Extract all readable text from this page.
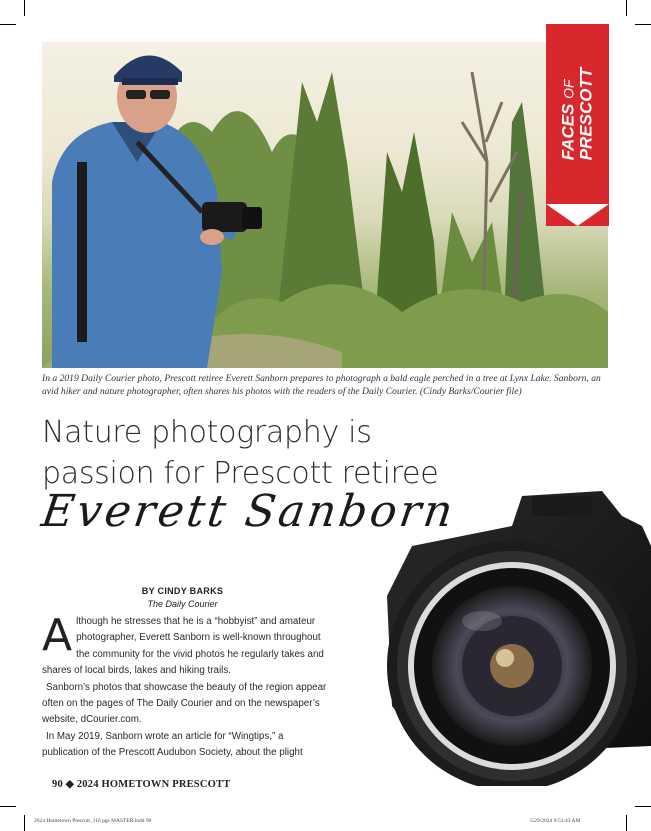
FACES OF PRESCOTT
In a 2019 Daily Courier photo, Prescott retiree Everett Sanborn prepares to photograph a bald eagle perched in a tree at Lynx Lake. Sanborn, an avid hiker and nature photographer, often shares his photos with the readers of the Daily Courier. (Cindy Barks/Courier file)
Nature photography is
passion for Prescott retiree
Everett Sanborn
BY CINDY BARKS
The Daily Courier

Although he stresses that he is a “hobbyist” and amateur photographer, Everett Sanborn is well-known throughout the community for the vivid photos he regularly takes and shares of local birds, lakes and hiking trails.

Sanborn’s photos that showcase the beauty of the region appear often on the pages of The Daily Courier and on the newspaper’s website, dCourier.com.

In May 2019, Sanborn wrote an article for “Wingtips,” a publication of the Prescott Audubon Society, about the plight

90 ◆ 2024 HOMETOWN PRESCOTT
2024 Hometown Prescott_116 pgs MASTER.indd 90	5/29/2024 9:51:43 AM
